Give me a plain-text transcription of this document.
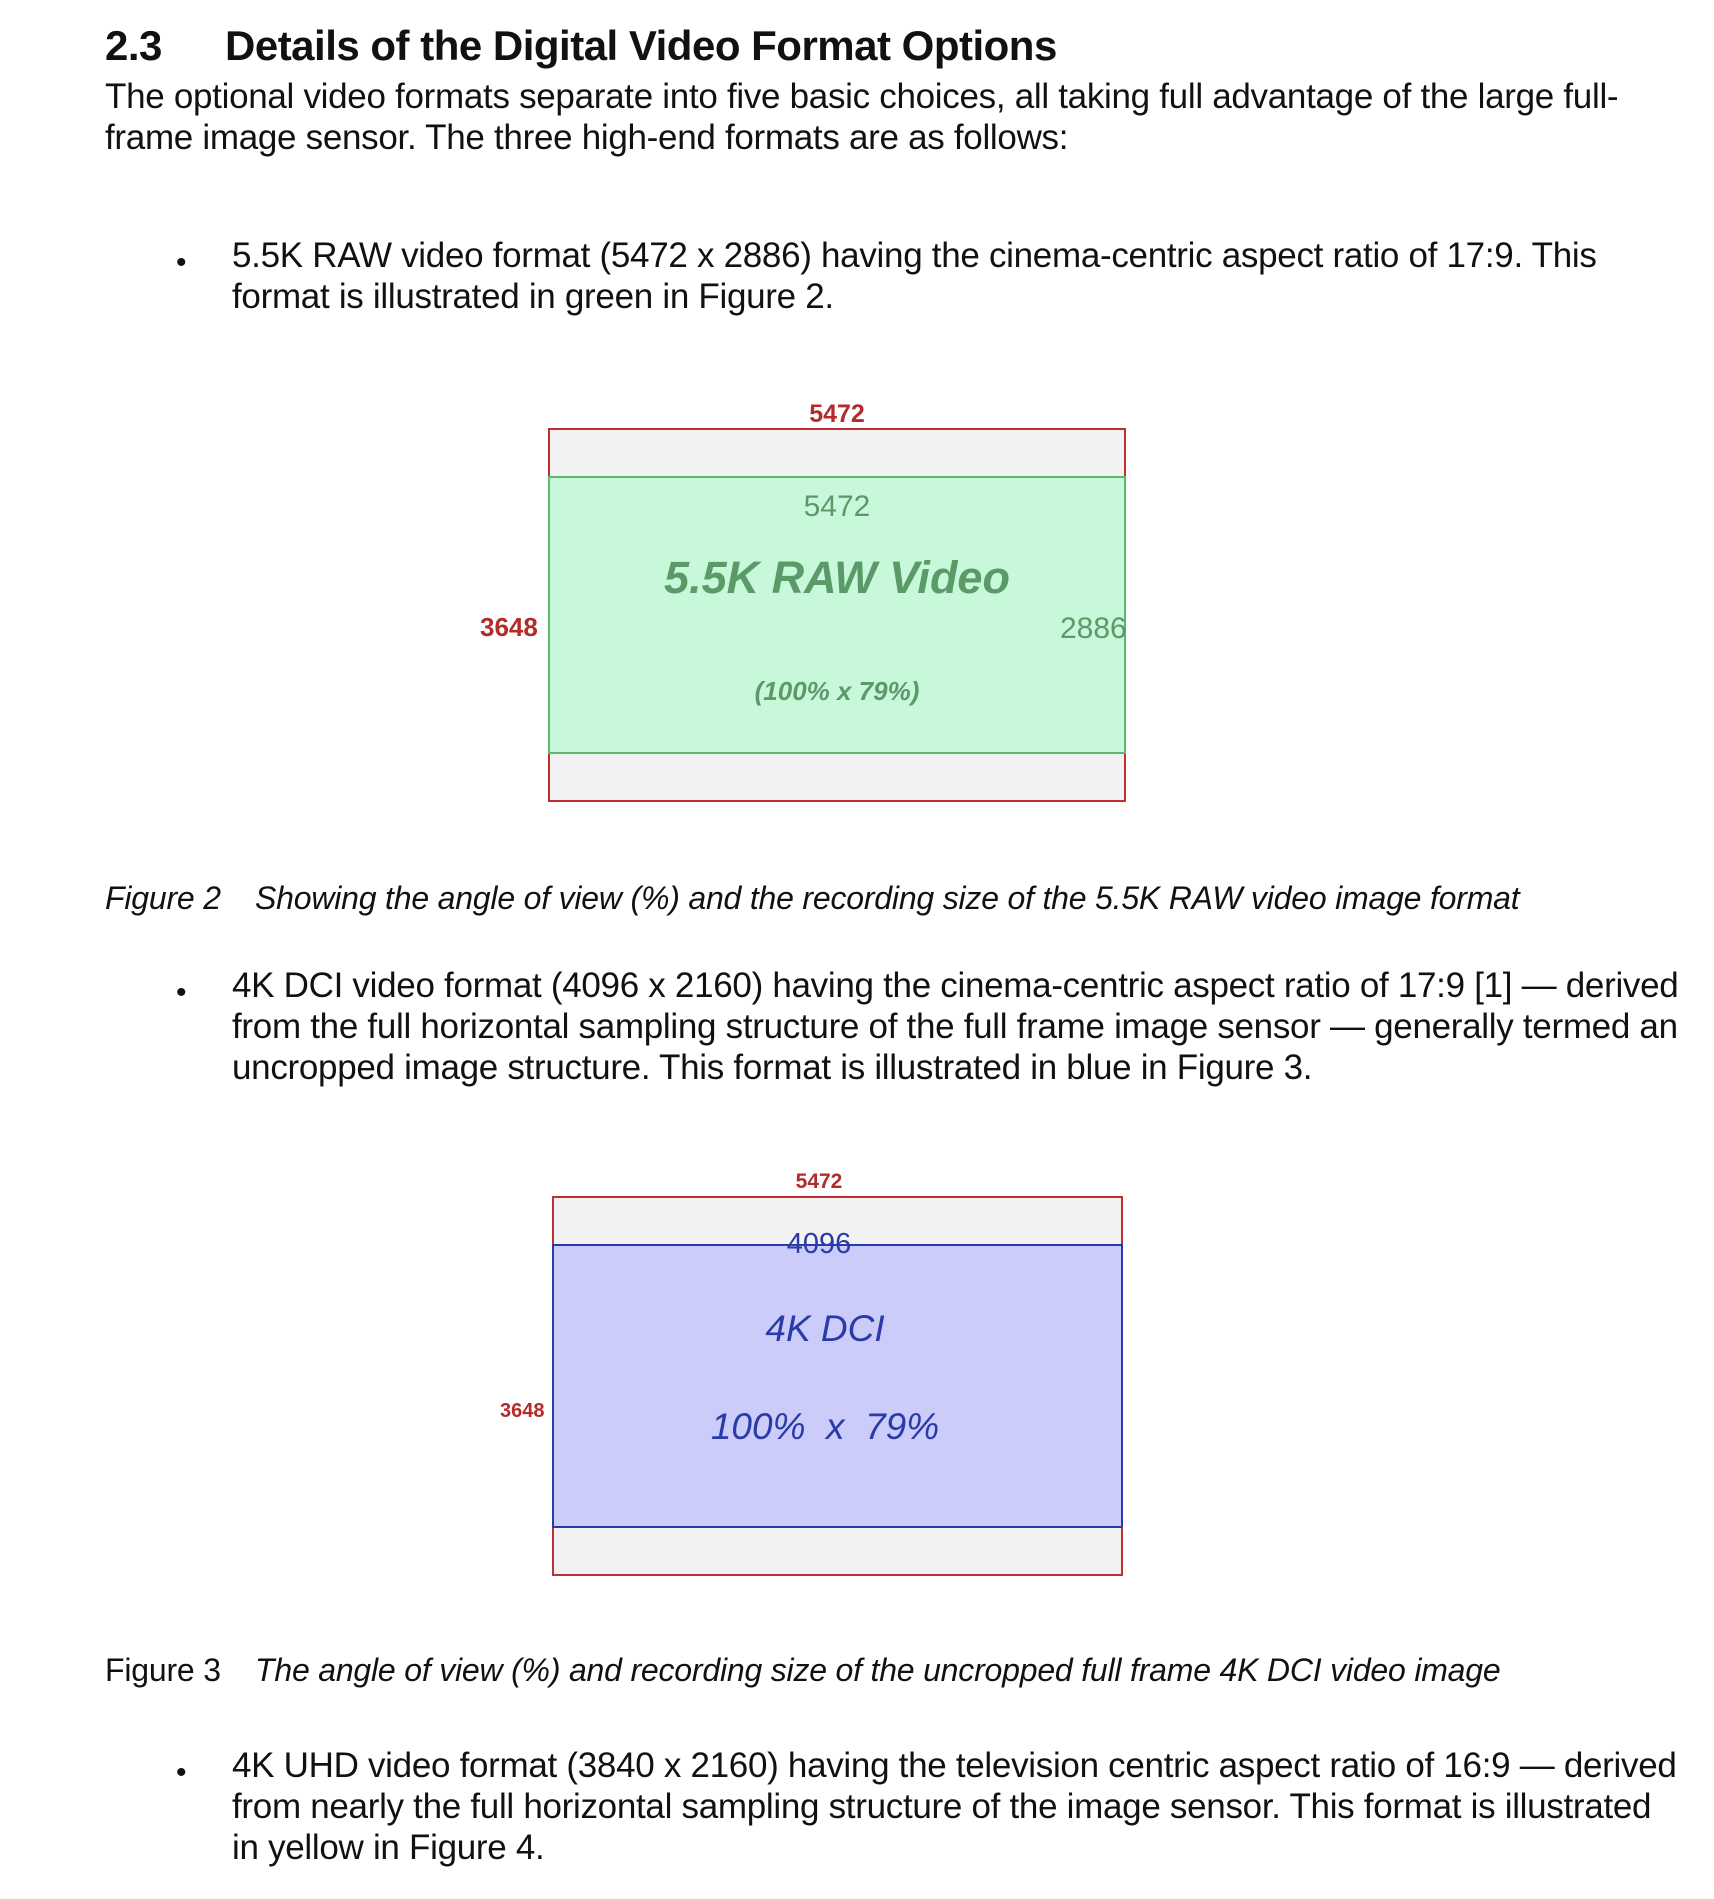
2.3 Details of the Digital Video Format Options
The optional video formats separate into five basic choices, all taking full advantage of the large full-frame image sensor. The three high-end formats are as follows:
• 5.5K RAW video format (5472 x 2886) having the cinema-centric aspect ratio of 17:9. This format is illustrated in green in Figure 2.
5472
3648
5472
5.5K RAW Video
2886
(100% x 79%)
Figure 2 Showing the angle of view (%) and the recording size of the 5.5K RAW video image format
• 4K DCI video format (4096 x 2160) having the cinema-centric aspect ratio of 17:9 [1] — derived from the full horizontal sampling structure of the full frame image sensor — generally termed an uncropped image structure. This format is illustrated in blue in Figure 3.
5472
3648
4096
4K DCI
100%  x  79%
Figure 3 The angle of view (%) and recording size of the uncropped full frame 4K DCI video image
• 4K UHD video format (3840 x 2160) having the television centric aspect ratio of 16:9 — derived from nearly the full horizontal sampling structure of the image sensor. This format is illustrated in yellow in Figure 4.
